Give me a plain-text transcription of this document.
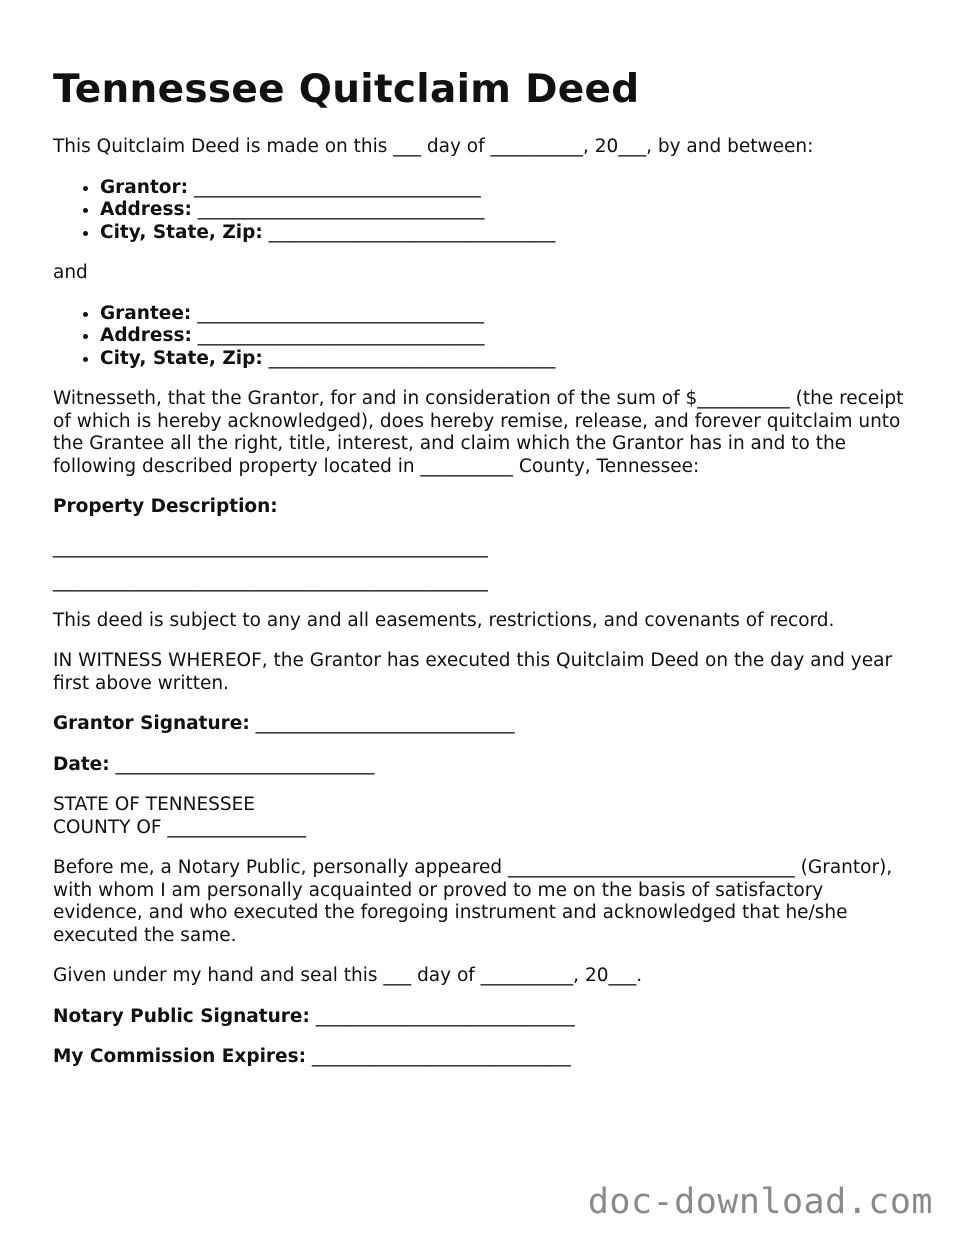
Tennessee Quitclaim Deed

This Quitclaim Deed is made on this ___ day of __________, 20___, by and between:

• Grantor: _______________________________
• Address: _______________________________
• City, State, Zip: _______________________________

and

• Grantee: _______________________________
• Address: _______________________________
• City, State, Zip: _______________________________

Witnesseth, that the Grantor, for and in consideration of the sum of $__________ (the receipt of which is hereby acknowledged), does hereby remise, release, and forever quitclaim unto the Grantee all the right, title, interest, and claim which the Grantor has in and to the following described property located in __________ County, Tennessee:

Property Description:

_______________________________________________

_______________________________________________

This deed is subject to any and all easements, restrictions, and covenants of record.

IN WITNESS WHEREOF, the Grantor has executed this Quitclaim Deed on the day and year first above written.

Grantor Signature: ____________________________

Date: ____________________________

STATE OF TENNESSEE
COUNTY OF _______________

Before me, a Notary Public, personally appeared _______________________________ (Grantor), with whom I am personally acquainted or proved to me on the basis of satisfactory evidence, and who executed the foregoing instrument and acknowledged that he/she executed the same.

Given under my hand and seal this ___ day of __________, 20___.

Notary Public Signature: ____________________________

My Commission Expires: ____________________________

doc-download.com
